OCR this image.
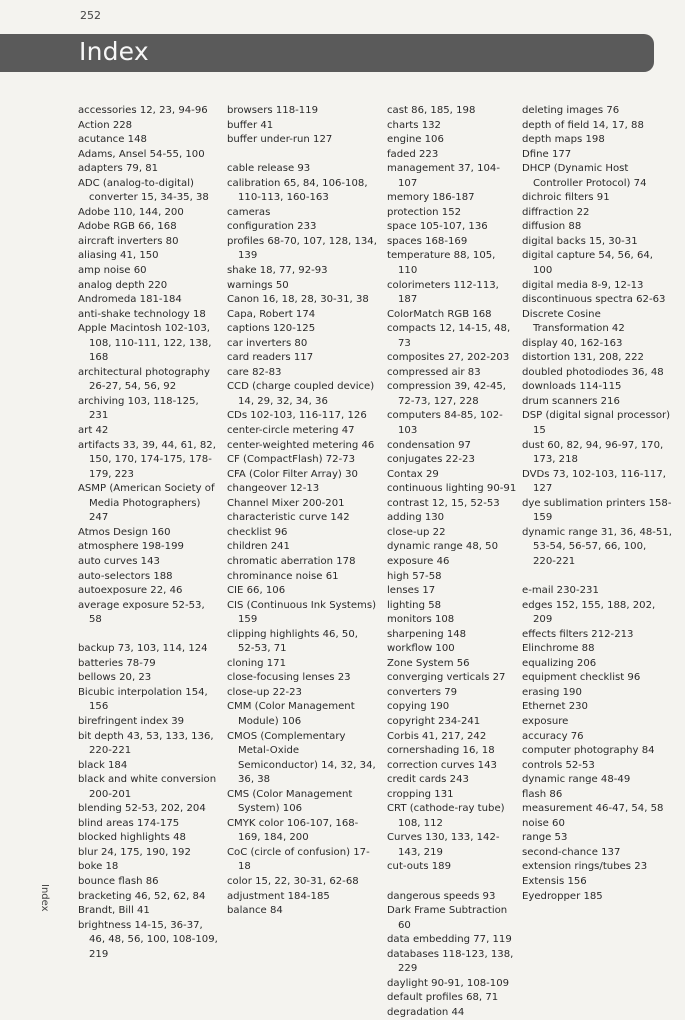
252
Index
accessories 12, 23, 94-96
Action 228
acutance 148
Adams, Ansel 54-55, 100
adapters 79, 81
ADC (analog-to-digital) converter 15, 34-35, 38
Adobe 110, 144, 200
Adobe RGB 66, 168
aircraft inverters 80
aliasing 41, 150
amp noise 60
analog depth 220
Andromeda 181-184
anti-shake technology 18
Apple Macintosh 102-103, 108, 110-111, 122, 138, 168
architectural photography 26-27, 54, 56, 92
archiving 103, 118-125, 231
art 42
artifacts 33, 39, 44, 61, 82, 150, 170, 174-175, 178-179, 223
ASMP (American Society of Media Photographers) 247
Atmos Design 160
atmosphere 198-199
auto curves 143
auto-selectors 188
autoexposure 22, 46
average exposure 52-53, 58
backup 73, 103, 114, 124
batteries 78-79
bellows 20, 23
Bicubic interpolation 154, 156
birefringent index 39
bit depth 43, 53, 133, 136, 220-221
black 184
black and white conversion 200-201
blending 52-53, 202, 204
blind areas 174-175
blocked highlights 48
blur 24, 175, 190, 192
boke 18
bounce flash 86
bracketing 46, 52, 62, 84
Brandt, Bill 41
brightness 14-15, 36-37, 46, 48, 56, 100, 108-109, 219
browsers 118-119
buffer 41
buffer under-run 127
cable release 93
calibration 65, 84, 106-108, 110-113, 160-163
cameras
configuration 233
profiles 68-70, 107, 128, 134, 139
shake 18, 77, 92-93
warnings 50
Canon 16, 18, 28, 30-31, 38
Capa, Robert 174
captions 120-125
car inverters 80
card readers 117
care 82-83
CCD (charge coupled device) 14, 29, 32, 34, 36
CDs 102-103, 116-117, 126
center-circle metering 47
center-weighted metering 46
CF (CompactFlash) 72-73
CFA (Color Filter Array) 30
changeover 12-13
Channel Mixer 200-201
characteristic curve 142
checklist 96
children 241
chromatic aberration 178
chrominance noise 61
CIE 66, 106
CIS (Continuous Ink Systems) 159
clipping highlights 46, 50, 52-53, 71
cloning 171
close-focusing lenses 23
close-up 22-23
CMM (Color Management Module) 106
CMOS (Complementary Metal-Oxide Semiconductor) 14, 32, 34, 36, 38
CMS (Color Management System) 106
CMYK color 106-107, 168-169, 184, 200
CoC (circle of confusion) 17-18
color 15, 22, 30-31, 62-68
adjustment 184-185
balance 84
cast 86, 185, 198
charts 132
engine 106
faded 223
management 37, 104-107
memory 186-187
protection 152
space 105-107, 136
spaces 168-169
temperature 88, 105, 110
colorimeters 112-113, 187
ColorMatch RGB 168
compacts 12, 14-15, 48, 73
composites 27, 202-203
compressed air 83
compression 39, 42-45, 72-73, 127, 228
computers 84-85, 102-103
condensation 97
conjugates 22-23
Contax 29
continuous lighting 90-91
contrast 12, 15, 52-53
adding 130
close-up 22
dynamic range 48, 50
exposure 46
high 57-58
lenses 17
lighting 58
monitors 108
sharpening 148
workflow 100
Zone System 56
converging verticals 27
converters 79
copying 190
copyright 234-241
Corbis 41, 217, 242
cornershading 16, 18
correction curves 143
credit cards 243
cropping 131
CRT (cathode-ray tube) 108, 112
Curves 130, 133, 142-143, 219
cut-outs 189
dangerous speeds 93
Dark Frame Subtraction 60
data embedding 77, 119
databases 118-123, 138, 229
daylight 90-91, 108-109
default profiles 68, 71
degradation 44
deleting images 76
depth of field 14, 17, 88
depth maps 198
Dfine 177
DHCP (Dynamic Host Controller Protocol) 74
dichroic filters 91
diffraction 22
diffusion 88
digital backs 15, 30-31
digital capture 54, 56, 64, 100
digital media 8-9, 12-13
discontinuous spectra 62-63
Discrete Cosine Transformation 42
display 40, 162-163
distortion 131, 208, 222
doubled photodiodes 36, 48
downloads 114-115
drum scanners 216
DSP (digital signal processor) 15
dust 60, 82, 94, 96-97, 170, 173, 218
DVDs 73, 102-103, 116-117, 127
dye sublimation printers 158-159
dynamic range 31, 36, 48-51, 53-54, 56-57, 66, 100, 220-221
e-mail 230-231
edges 152, 155, 188, 202, 209
effects filters 212-213
Elinchrome 88
equalizing 206
equipment checklist 96
erasing 190
Ethernet 230
exposure
accuracy 76
computer photography 84
controls 52-53
dynamic range 48-49
flash 86
measurement 46-47, 54, 58
noise 60
range 53
second-chance 137
extension rings/tubes 23
Extensis 156
Eyedropper 185
Index
